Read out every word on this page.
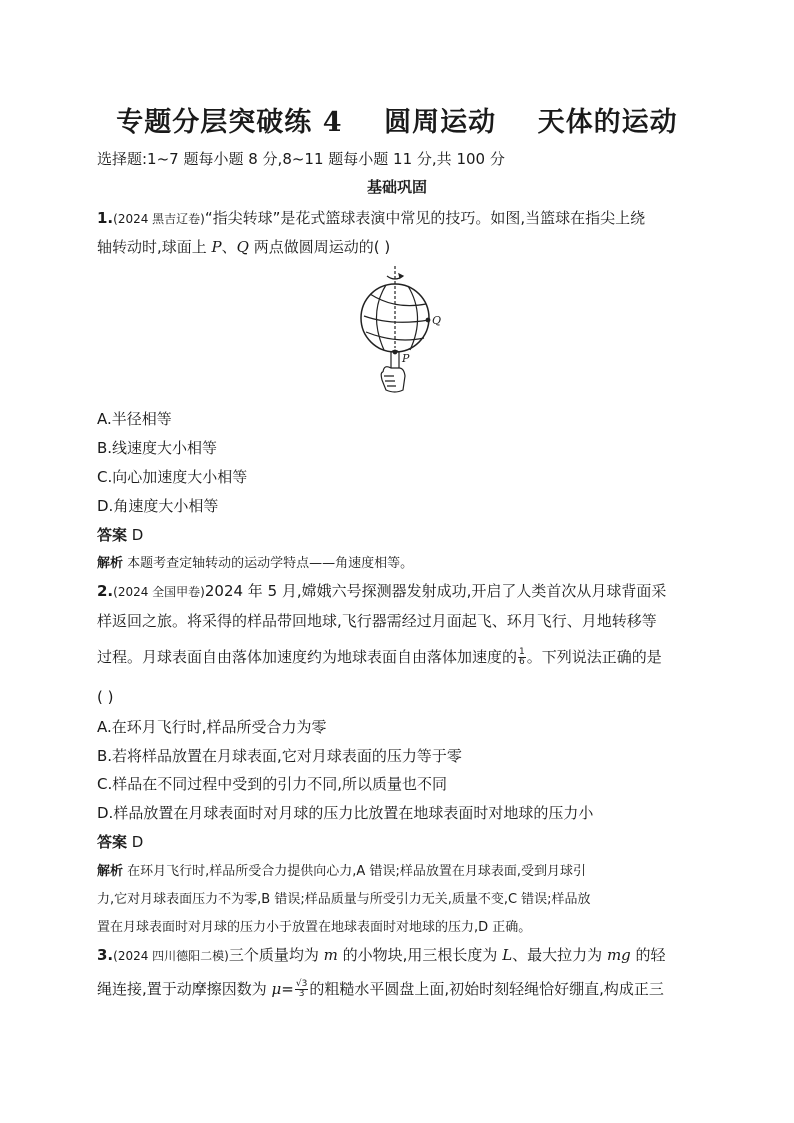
专题分层突破练 4    圆周运动    天体的运动
选择题:1~7 题每小题 8 分,8~11 题每小题 11 分,共 100 分
基础巩固
1.(2024 黑吉辽卷)“指尖转球”是花式篮球表演中常见的技巧。如图,当篮球在指尖上绕
轴转动时,球面上 P、Q 两点做圆周运动的( )
Q
P
A.半径相等
B.线速度大小相等
C.向心加速度大小相等
D.角速度大小相等
答案 D
解析 本题考查定轴转动的运动学特点——角速度相等。
2.(2024 全国甲卷)2024 年 5 月,嫦娥六号探测器发射成功,开启了人类首次从月球背面采
样返回之旅。将采得的样品带回地球,飞行器需经过月面起飞、环月飞行、月地转移等
过程。月球表面自由落体加速度约为地球表面自由落体加速度的 $\frac{1}{6}$ 。下列说法正确的是
( )
A.在环月飞行时,样品所受合力为零
B.若将样品放置在月球表面,它对月球表面的压力等于零
C.样品在不同过程中受到的引力不同,所以质量也不同
D.样品放置在月球表面时对月球的压力比放置在地球表面时对地球的压力小
答案 D
解析 在环月飞行时,样品所受合力提供向心力,A 错误;样品放置在月球表面,受到月球引
力,它对月球表面压力不为零,B 错误;样品质量与所受引力无关,质量不变,C 错误;样品放
置在月球表面时对月球的压力小于放置在地球表面时对地球的压力,D 正确。
3.(2024 四川德阳二模)三个质量均为 m 的小物块,用三根长度为 L、最大拉力为 mg 的轻
绳连接,置于动摩擦因数为 $\mu= \frac{√3}{3}$ 的粗糙水平圆盘上面,初始时刻轻绳恰好绷直,构成正三
